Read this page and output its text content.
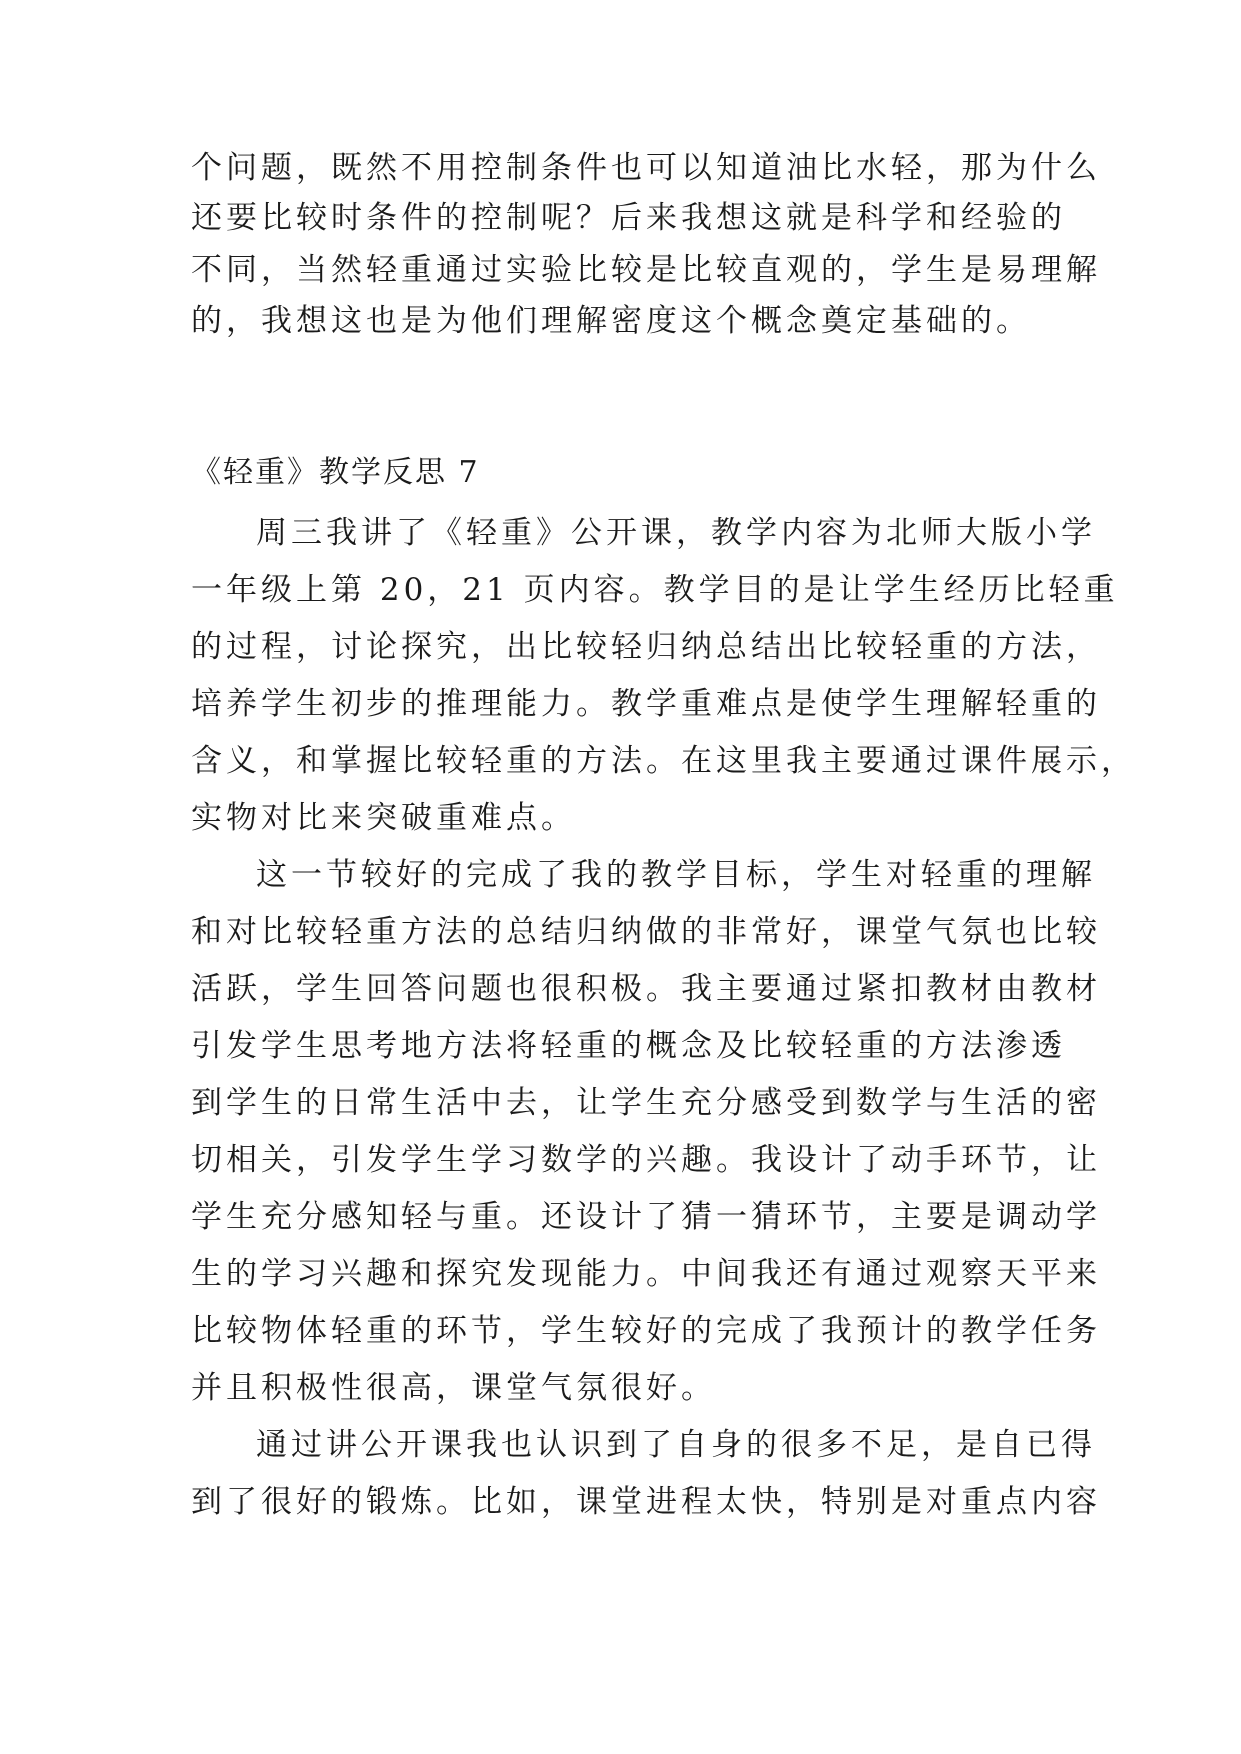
个问题，既然不用控制条件也可以知道油比水轻，那为什么
还要比较时条件的控制呢？后来我想这就是科学和经验的
不同，当然轻重通过实验比较是比较直观的，学生是易理解
的，我想这也是为他们理解密度这个概念奠定基础的。
《轻重》教学反思 7
周三我讲了《轻重》公开课，教学内容为北师大版小学
一年级上第 20，21 页内容。教学目的是让学生经历比轻重
的过程，讨论探究，出比较轻归纳总结出比较轻重的方法，
培养学生初步的推理能力。教学重难点是使学生理解轻重的
含义，和掌握比较轻重的方法。在这里我主要通过课件展示，
实物对比来突破重难点。
这一节较好的完成了我的教学目标，学生对轻重的理解
和对比较轻重方法的总结归纳做的非常好，课堂气氛也比较
活跃，学生回答问题也很积极。我主要通过紧扣教材由教材
引发学生思考地方法将轻重的概念及比较轻重的方法渗透
到学生的日常生活中去，让学生充分感受到数学与生活的密
切相关，引发学生学习数学的兴趣。我设计了动手环节，让
学生充分感知轻与重。还设计了猜一猜环节，主要是调动学
生的学习兴趣和探究发现能力。中间我还有通过观察天平来
比较物体轻重的环节，学生较好的完成了我预计的教学任务
并且积极性很高，课堂气氛很好。
通过讲公开课我也认识到了自身的很多不足，是自已得
到了很好的锻炼。比如，课堂进程太快，特别是对重点内容
